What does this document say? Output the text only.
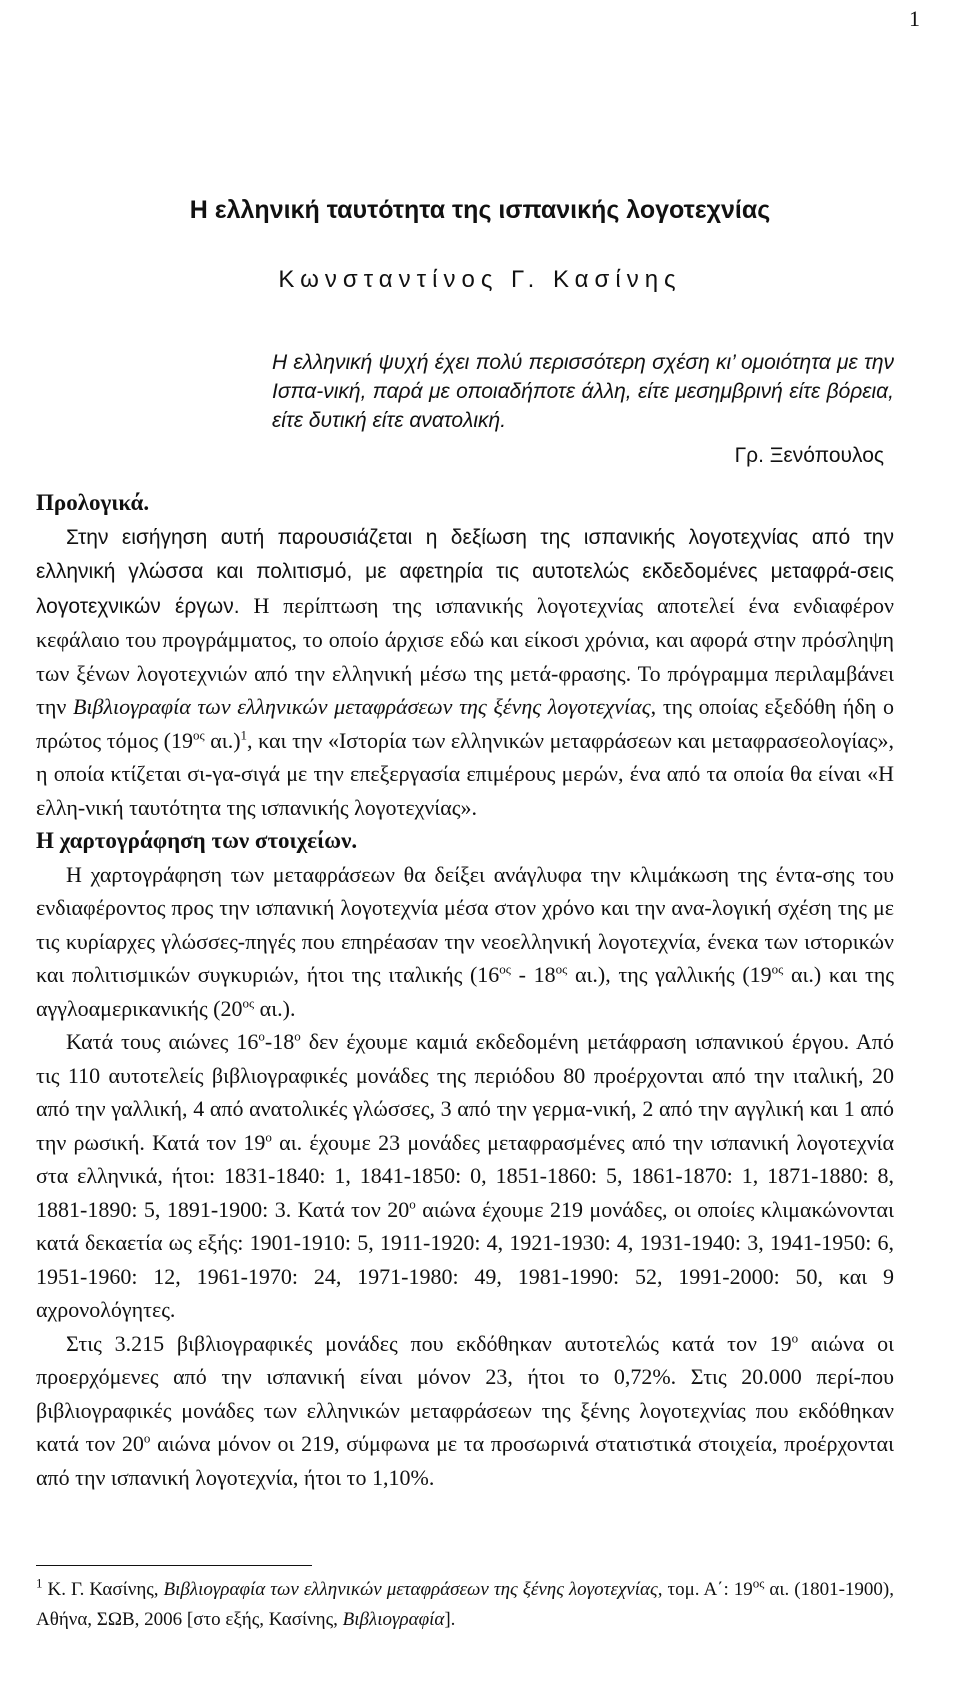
1
Η ελληνική ταυτότητα της ισπανικής λογοτεχνίας
Κωνσταντίνος Γ. Κασίνης
Η ελληνική ψυχή έχει πολύ περισσότερη σχέση κι’ ομοιότητα με την Ισπα-νική, παρά με οποιαδήποτε άλλη, είτε μεσημβρινή είτε βόρεια, είτε δυτική είτε ανατολική.
Γρ. Ξενόπουλος

Προλογικά.

Στην εισήγηση αυτή παρουσιάζεται η δεξίωση της ισπανικής λογοτεχνίας από την ελληνική γλώσσα και πολιτισμό, με αφετηρία τις αυτοτελώς εκδεδομένες μεταφρά-σεις λογοτεχνικών έργων. Η περίπτωση της ισπανικής λογοτεχνίας αποτελεί ένα ενδιαφέρον κεφάλαιο του προγράμματος, το οποίο άρχισε εδώ και είκοσι χρόνια, και αφορά στην πρόσληψη των ξένων λογοτεχνιών από την ελληνική μέσω της μετά-φρασης. Το πρόγραμμα περιλαμβάνει την Βιβλιογραφία των ελληνικών μεταφράσεων της ξένης λογοτεχνίας, της οποίας εξεδόθη ήδη ο πρώτος τόμος ($19^{o\varsigma}$ αι.)$^1$, και την «Ιστορία των ελληνικών μεταφράσεων και μεταφρασεολογίας», η οποία κτίζεται σι-γα-σιγά με την επεξεργασία επιμέρους μερών, ένα από τα οποία θα είναι «Η ελλη-νική ταυτότητα της ισπανικής λογοτεχνίας».

Η χαρτογράφηση των στοιχείων.

Η χαρτογράφηση των μεταφράσεων θα δείξει ανάγλυφα την κλιμάκωση της έντα-σης του ενδιαφέροντος προς την ισπανική λογοτεχνία μέσα στον χρόνο και την ανα-λογική σχέση της με τις κυρίαρχες γλώσσες-πηγές που επηρέασαν την νεοελληνική λογοτεχνία, ένεκα των ιστορικών και πολιτισμικών συγκυριών, ήτοι της ιταλικής ($16^{o\varsigma} - 18^{o\varsigma}$ αι.), της γαλλικής ($19^{o\varsigma}$ αι.) και της αγγλοαμερικανικής ($20^{o\varsigma}$ αι.).

Κατά τους αιώνες $16^o-18^o$ δεν έχουμε καμιά εκδεδομένη μετάφραση ισπανικού έργου. Από τις 110 αυτοτελείς βιβλιογραφικές μονάδες της περιόδου 80 προέρχονται από την ιταλική, 20 από την γαλλική, 4 από ανατολικές γλώσσες, 3 από την γερμα-νική, 2 από την αγγλική και 1 από την ρωσική. Κατά τον $19^o$ αι. έχουμε 23 μονάδες μεταφρασμένες από την ισπανική λογοτεχνία στα ελληνικά, ήτοι: 1831-1840: 1, 1841-1850: 0, 1851-1860: 5, 1861-1870: 1, 1871-1880: 8, 1881-1890: 5, 1891-1900: 3. Κατά τον $20^o$ αιώνα έχουμε 219 μονάδες, οι οποίες κλιμακώνονται κατά δεκαετία ως εξής: 1901-1910: 5, 1911-1920: 4, 1921-1930: 4, 1931-1940: 3, 1941-1950: 6, 1951-1960: 12, 1961-1970: 24, 1971-1980: 49, 1981-1990: 52, 1991-2000: 50, και 9 αχρονολόγητες.

Στις 3.215 βιβλιογραφικές μονάδες που εκδόθηκαν αυτοτελώς κατά τον $19^o$ αιώνα οι προερχόμενες από την ισπανική είναι μόνον 23, ήτοι το 0,72%. Στις 20.000 περί-που βιβλιογραφικές μονάδες των ελληνικών μεταφράσεων της ξένης λογοτεχνίας που εκδόθηκαν κατά τον $20^o$ αιώνα μόνον οι 219, σύμφωνα με τα προσωρινά στατιστικά στοιχεία, προέρχονται από την ισπανική λογοτεχνία, ήτοι το 1,10%.

$^1$ Κ. Γ. Κασίνης, Βιβλιογραφία των ελληνικών μεταφράσεων της ξένης λογοτεχνίας, τομ. Α΄: $19^{o\varsigma}$ αι. (1801-1900), Αθήνα, ΣΩΒ, 2006 [στο εξής, Κασίνης, Βιβλιογραφία].
